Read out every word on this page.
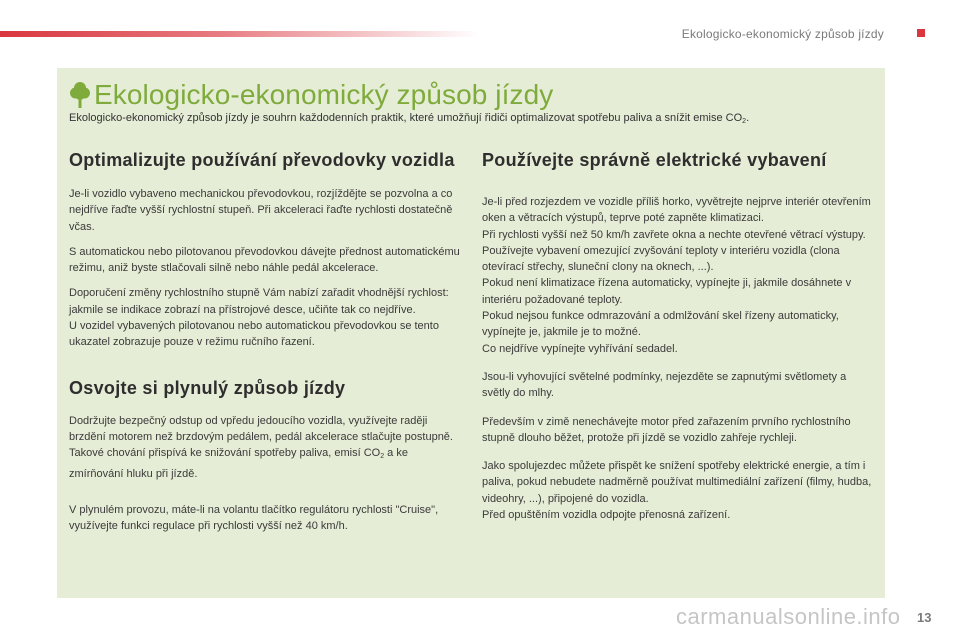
Ekologicko-ekonomický způsob jízdy
Ekologicko-ekonomický způsob jízdy
Ekologicko-ekonomický způsob jízdy je souhrn každodenních praktik, které umožňují řidiči optimalizovat spotřebu paliva a snížit emise CO2.
Optimalizujte používání převodovky vozidla

Je-li vozidlo vybaveno mechanickou převodovkou, rozjíždějte se pozvolna a co nejdříve řaďte vyšší rychlostní stupeň. Při akceleraci řaďte rychlosti dostatečně včas.

S automatickou nebo pilotovanou převodovkou dávejte přednost automatickému režimu, aniž byste stlačovali silně nebo náhle pedál akcelerace.

Doporučení změny rychlostního stupně Vám nabízí zařadit vhodnější rychlost: jakmile se indikace zobrazí na přístrojové desce, učiňte tak co nejdříve.
U vozidel vybavených pilotovanou nebo automatickou převodovkou se tento ukazatel zobrazuje pouze v režimu ručního řazení.

Osvojte si plynulý způsob jízdy

Dodržujte bezpečný odstup od vpředu jedoucího vozidla, využívejte raději brzdění motorem než brzdovým pedálem, pedál akcelerace stlačujte postupně. Takové chování přispívá ke snižování spotřeby paliva, emisí CO2 a ke zmírňování hluku při jízdě.

V plynulém provozu, máte-li na volantu tlačítko regulátoru rychlosti "Cruise", využívejte funkci regulace při rychlosti vyšší než 40 km/h.

Používejte správně elektrické vybavení

Je-li před rozjezdem ve vozidle příliš horko, vyvětrejte nejprve interiér otevřením oken a větracích výstupů, teprve poté zapněte klimatizaci.
Při rychlosti vyšší než 50 km/h zavřete okna a nechte otevřené větrací výstupy.
Používejte vybavení omezující zvyšování teploty v interiéru vozidla (clona otevírací střechy, sluneční clony na oknech, ...).
Pokud není klimatizace řízena automaticky, vypínejte ji, jakmile dosáhnete v interiéru požadované teploty.
Pokud nejsou funkce odmrazování a odmlžování skel řízeny automaticky, vypínejte je, jakmile je to možné.
Co nejdříve vypínejte vyhřívání sedadel.

Jsou-li vyhovující světelné podmínky, nejezděte se zapnutými světlomety a světly do mlhy.

Především v zimě nenechávejte motor před zařazením prvního rychlostního stupně dlouho běžet, protože při jízdě se vozidlo zahřeje rychleji.

Jako spolujezdec můžete přispět ke snížení spotřeby elektrické energie, a tím i paliva, pokud nebudete nadměrně používat multimediální zařízení (filmy, hudba, videohry, ...), připojené do vozidla.
Před opuštěním vozidla odpojte přenosná zařízení.

carmanualsonline.info 13
